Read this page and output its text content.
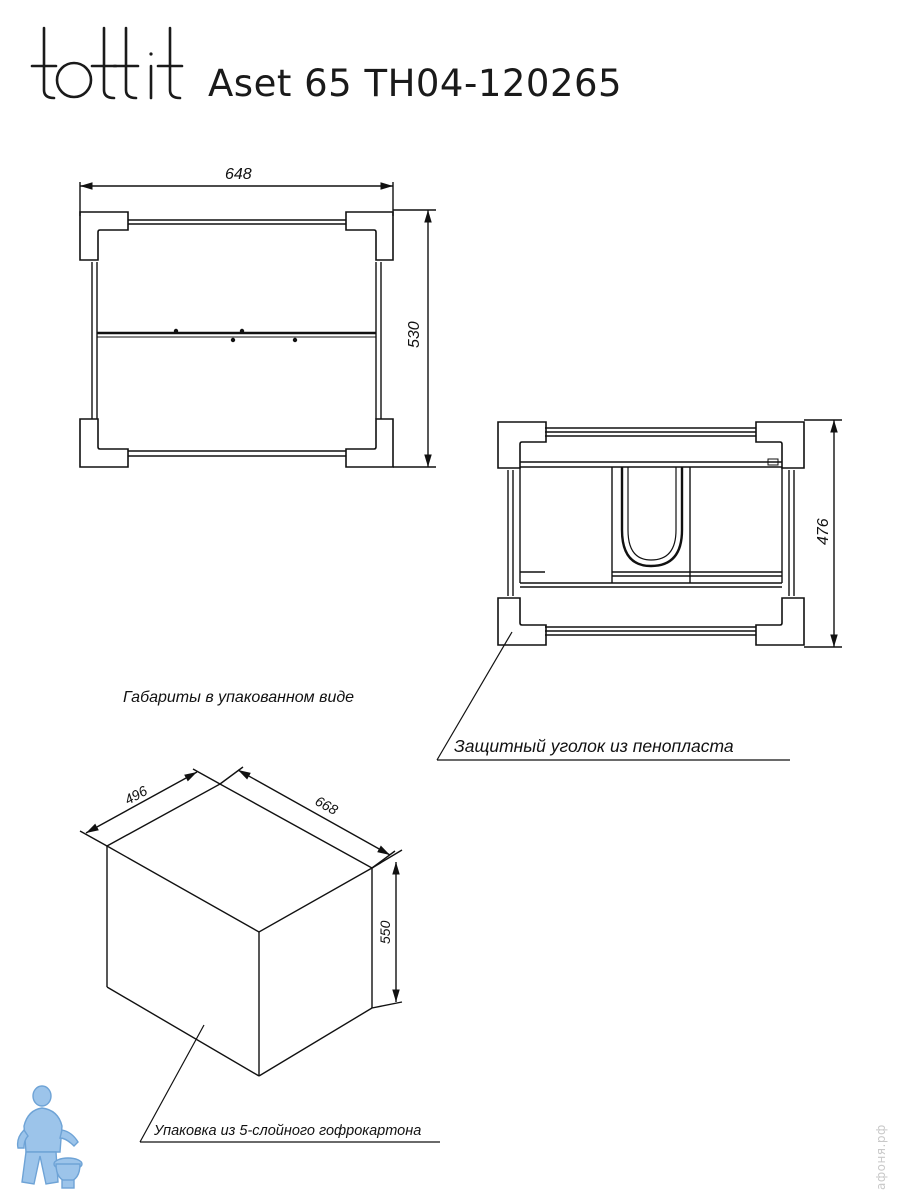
tottit
Aset 65 TH04-120265
648
530
476
Защитный уголок из пенопласта
Габариты в упакованном виде
496	668
550
Упаковка из 5-слойного гофрокартона	афоня.рф
